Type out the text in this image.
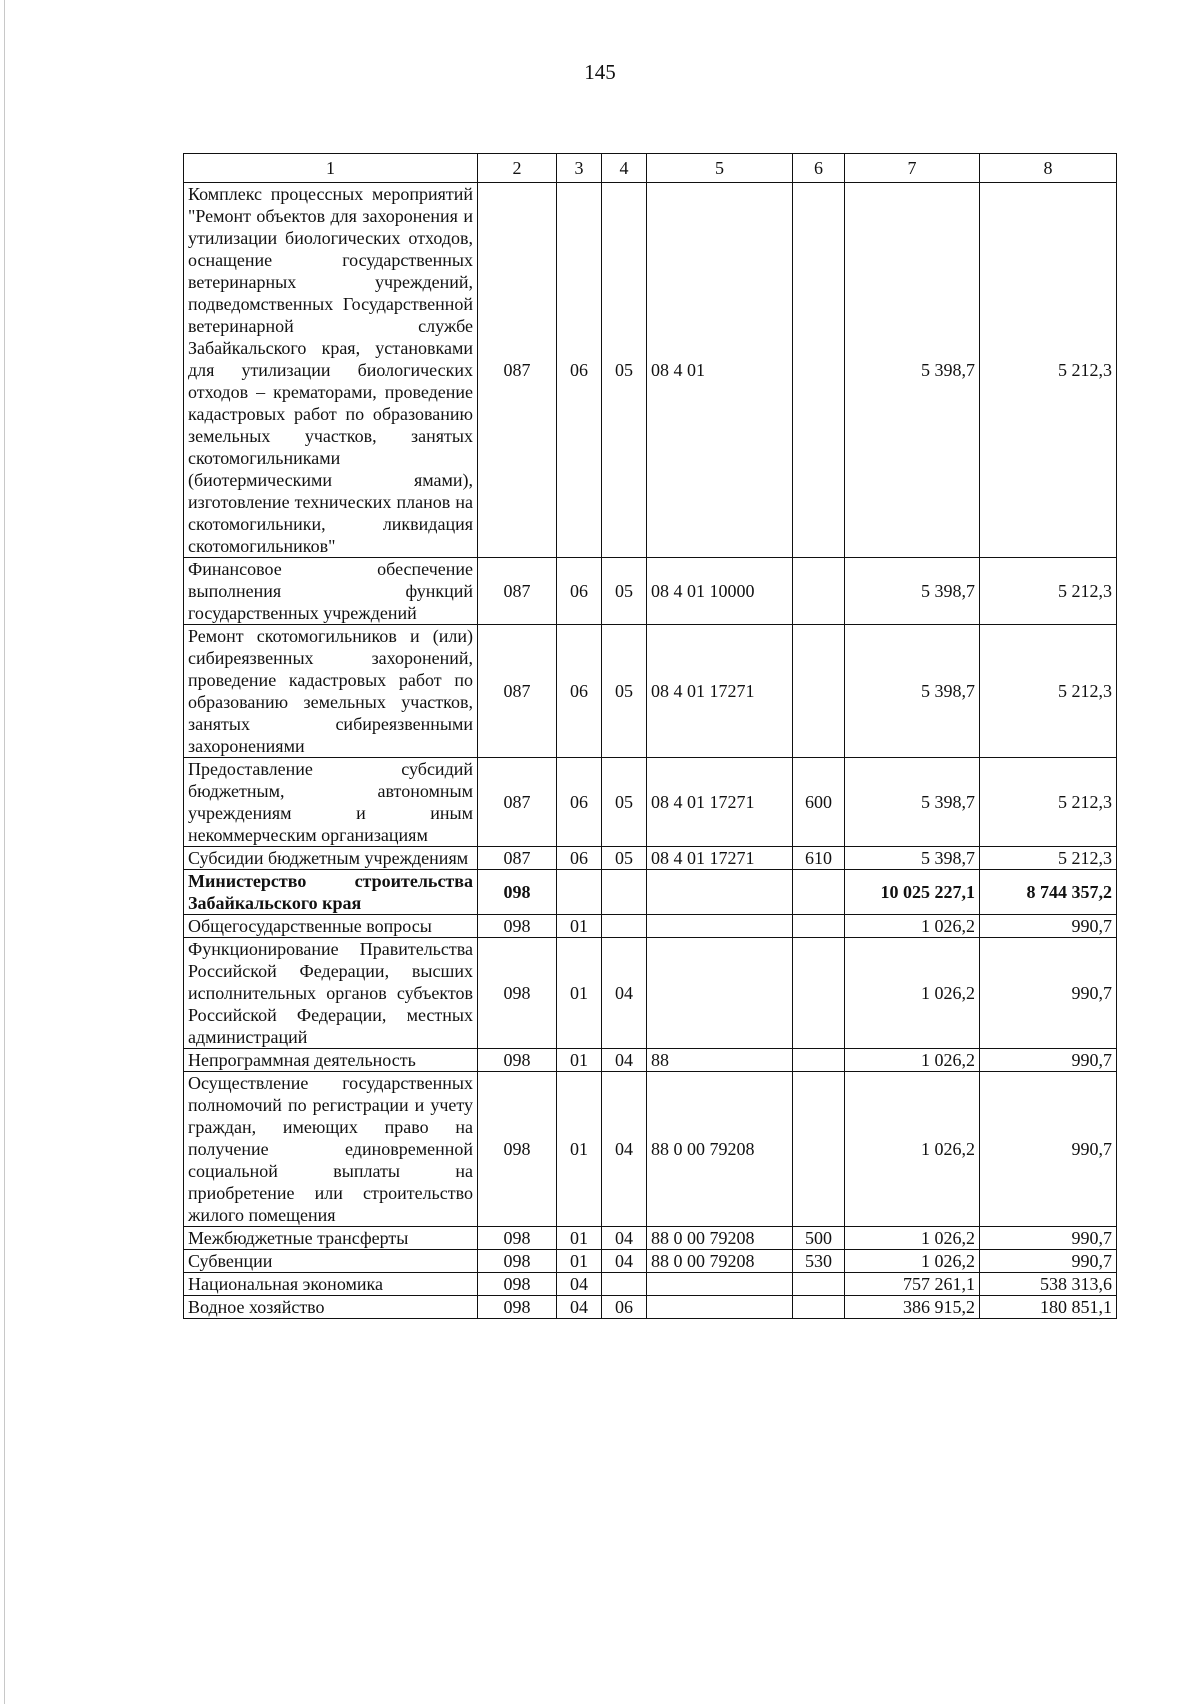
145
1	2	3	4	5	6	7	8
Комплекс процессных мероприятий "Ремонт объектов для захоронения и утилизации биологических отходов, оснащение государственных ветеринарных учреждений, подведомственных Государственной ветеринарной службе Забайкальского края, установками для утилизации биологических отходов – крематорами, проведение кадастровых работ по образованию земельных участков, занятых скотомогильниками (биотермическими ямами), изготовление технических планов на скотомогильники, ликвидация скотомогильников"	087	06	05	08 4 01		5 398,7	5 212,3
Финансовое обеспечение выполнения функций государственных учреждений	087	06	05	08 4 01 10000		5 398,7	5 212,3
Ремонт скотомогильников и (или) сибиреязвенных захоронений, проведение кадастровых работ по образованию земельных участков, занятых сибиреязвенными захоронениями	087	06	05	08 4 01 17271		5 398,7	5 212,3
Предоставление субсидий бюджетным, автономным учреждениям и иным некоммерческим организациям	087	06	05	08 4 01 17271	600	5 398,7	5 212,3
Субсидии бюджетным учреждениям	087	06	05	08 4 01 17271	610	5 398,7	5 212,3
Министерство строительства Забайкальского края	098					10 025 227,1	8 744 357,2
Общегосударственные вопросы	098	01				1 026,2	990,7
Функционирование Правительства Российской Федерации, высших исполнительных органов субъектов Российской Федерации, местных администраций	098	01	04			1 026,2	990,7
Непрограммная деятельность	098	01	04	88		1 026,2	990,7
Осуществление государственных полномочий по регистрации и учету граждан, имеющих право на получение единовременной социальной выплаты на приобретение или строительство жилого помещения	098	01	04	88 0 00 79208		1 026,2	990,7
Межбюджетные трансферты	098	01	04	88 0 00 79208	500	1 026,2	990,7
Субвенции	098	01	04	88 0 00 79208	530	1 026,2	990,7
Национальная экономика	098	04				757 261,1	538 313,6
Водное хозяйство	098	04	06			386 915,2	180 851,1
